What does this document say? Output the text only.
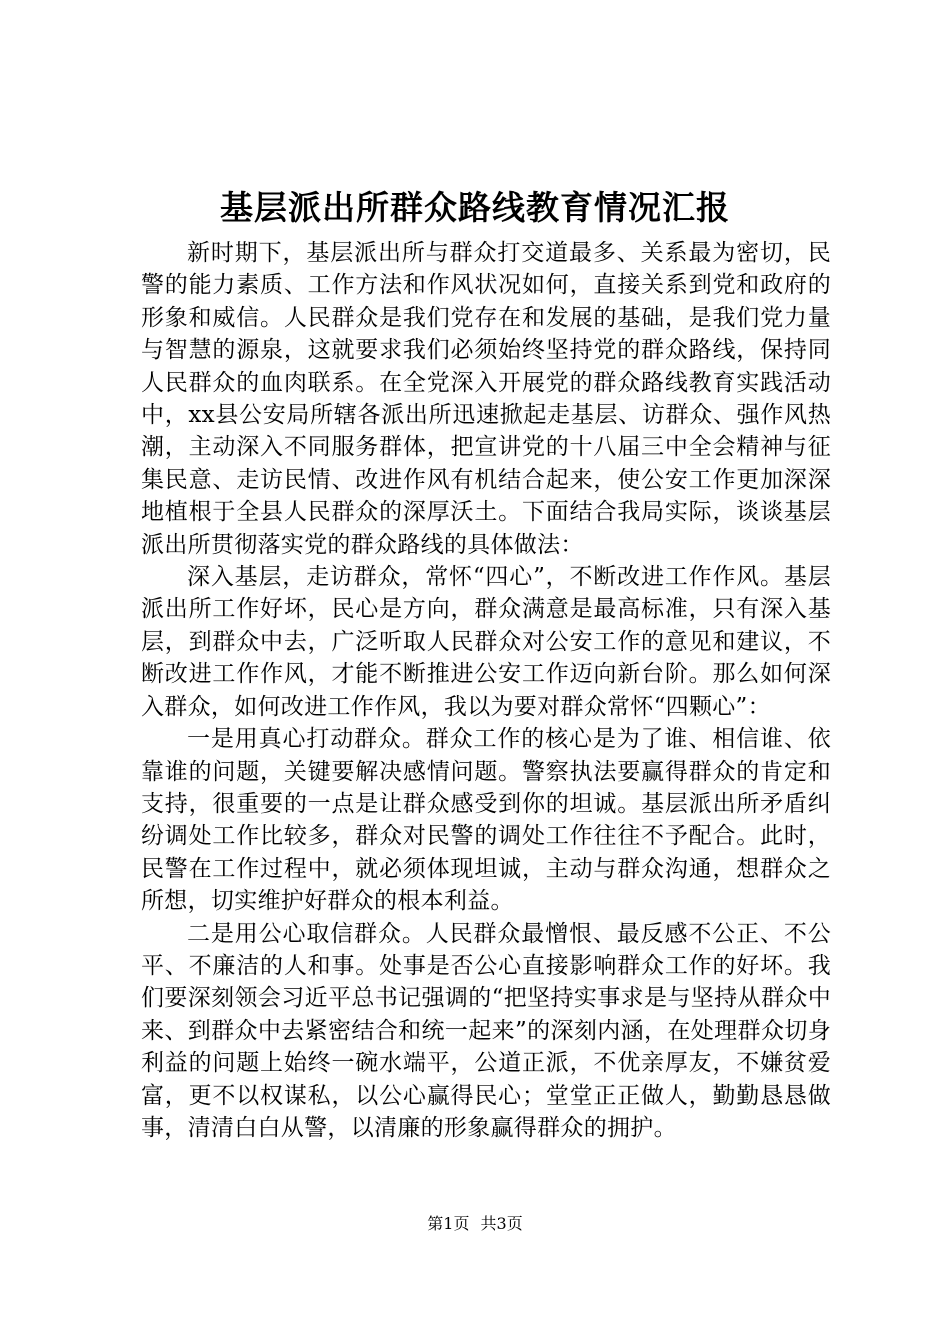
基层派出所群众路线教育情况汇报

新时期下，基层派出所与群众打交道最多、关系最为密切，民警的能力素质、工作方法和作风状况如何，直接关系到党和政府的形象和威信。人民群众是我们党存在和发展的基础，是我们党力量与智慧的源泉，这就要求我们必须始终坚持党的群众路线，保持同人民群众的血肉联系。在全党深入开展党的群众路线教育实践活动中，xx县公安局所辖各派出所迅速掀起走基层、访群众、强作风热潮，主动深入不同服务群体，把宣讲党的十八届三中全会精神与征集民意、走访民情、改进作风有机结合起来，使公安工作更加深深地植根于全县人民群众的深厚沃土。下面结合我局实际，谈谈基层派出所贯彻落实党的群众路线的具体做法：

深入基层，走访群众，常怀“四心”，不断改进工作作风。基层派出所工作好坏，民心是方向，群众满意是最高标准，只有深入基层，到群众中去，广泛听取人民群众对公安工作的意见和建议，不断改进工作作风，才能不断推进公安工作迈向新台阶。那么如何深入群众，如何改进工作作风，我以为要对群众常怀“四颗心”：

一是用真心打动群众。群众工作的核心是为了谁、相信谁、依靠谁的问题，关键要解决感情问题。警察执法要赢得群众的肯定和支持，很重要的一点是让群众感受到你的坦诚。基层派出所矛盾纠纷调处工作比较多，群众对民警的调处工作往往不予配合。此时，民警在工作过程中，就必须体现坦诚，主动与群众沟通，想群众之所想，切实维护好群众的根本利益。

二是用公心取信群众。人民群众最憎恨、最反感不公正、不公平、不廉洁的人和事。处事是否公心直接影响群众工作的好坏。我们要深刻领会习近平总书记强调的“把坚持实事求是与坚持从群众中来、到群众中去紧密结合和统一起来”的深刻内涵，在处理群众切身利益的问题上始终一碗水端平，公道正派，不优亲厚友，不嫌贫爱富，更不以权谋私，以公心赢得民心；堂堂正正做人，勤勤恳恳做事，清清白白从警，以清廉的形象赢得群众的拥护。

第1页 共3页
